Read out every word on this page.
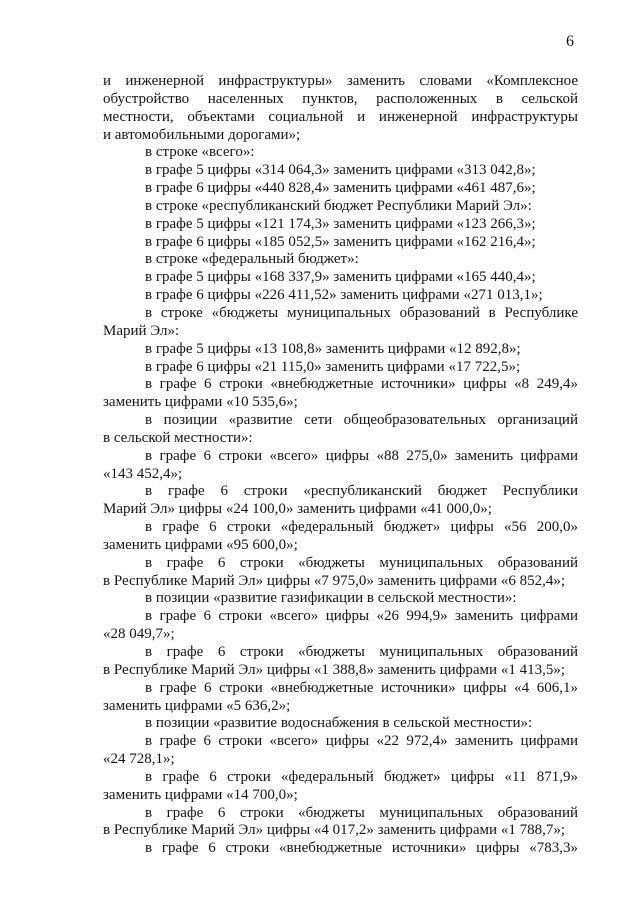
6
и инженерной инфраструктуры» заменить словами «Комплексное
обустройство населенных пунктов, расположенных в сельской
местности, объектами социальной и инженерной инфраструктуры
и автомобильными дорогами»;
в строке «всего»:
в графе 5 цифры «314 064,3» заменить цифрами «313 042,8»;
в графе 6 цифры «440 828,4» заменить цифрами «461 487,6»;
в строке «республиканский бюджет Республики Марий Эл»:
в графе 5 цифры «121 174,3» заменить цифрами «123 266,3»;
в графе 6 цифры «185 052,5» заменить цифрами «162 216,4»;
в строке «федеральный бюджет»:
в графе 5 цифры «168 337,9» заменить цифрами «165 440,4»;
в графе 6 цифры «226 411,52» заменить цифрами «271 013,1»;
в строке «бюджеты муниципальных образований в Республике
Марий Эл»:
в графе 5 цифры «13 108,8» заменить цифрами «12 892,8»;
в графе 6 цифры «21 115,0» заменить цифрами «17 722,5»;
в графе 6 строки «внебюджетные источники» цифры «8 249,4»
заменить цифрами «10 535,6»;
в позиции «развитие сети общеобразовательных организаций
в сельской местности»:
в графе 6 строки «всего» цифры «88 275,0» заменить цифрами
«143 452,4»;
в графе 6 строки «республиканский бюджет Республики
Марий Эл» цифры «24 100,0» заменить цифрами «41 000,0»;
в графе 6 строки «федеральный бюджет» цифры «56 200,0»
заменить цифрами «95 600,0»;
в графе 6 строки «бюджеты муниципальных образований
в Республике Марий Эл» цифры «7 975,0» заменить цифрами «6 852,4»;
в позиции «развитие газификации в сельской местности»:
в графе 6 строки «всего» цифры «26 994,9» заменить цифрами
«28 049,7»;
в графе 6 строки «бюджеты муниципальных образований
в Республике Марий Эл» цифры «1 388,8» заменить цифрами «1 413,5»;
в графе 6 строки «внебюджетные источники» цифры «4 606,1»
заменить цифрами «5 636,2»;
в позиции «развитие водоснабжения в сельской местности»:
в графе 6 строки «всего» цифры «22 972,4» заменить цифрами
«24 728,1»;
в графе 6 строки «федеральный бюджет» цифры «11 871,9»
заменить цифрами «14 700,0»;
в графе 6 строки «бюджеты муниципальных образований
в Республике Марий Эл» цифры «4 017,2» заменить цифрами «1 788,7»;
в графе 6 строки «внебюджетные источники» цифры «783,3»
